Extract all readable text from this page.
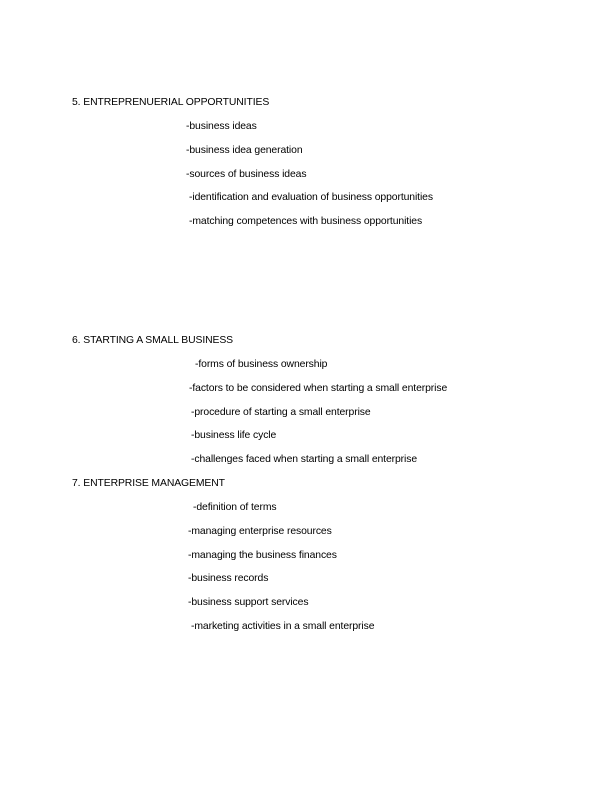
5. ENTREPRENUERIAL OPPORTUNITIES
-business ideas
-business idea generation
-sources of business ideas
-identification and evaluation of business opportunities
-matching competences with business opportunities
6. STARTING A SMALL BUSINESS
-forms of business ownership
-factors to be considered when starting a small enterprise
-procedure of starting a small enterprise
-business life cycle
-challenges faced when starting a small enterprise
7. ENTERPRISE MANAGEMENT
-definition of terms
-managing enterprise resources
-managing the business finances
-business records
-business support services
-marketing activities in a small enterprise
